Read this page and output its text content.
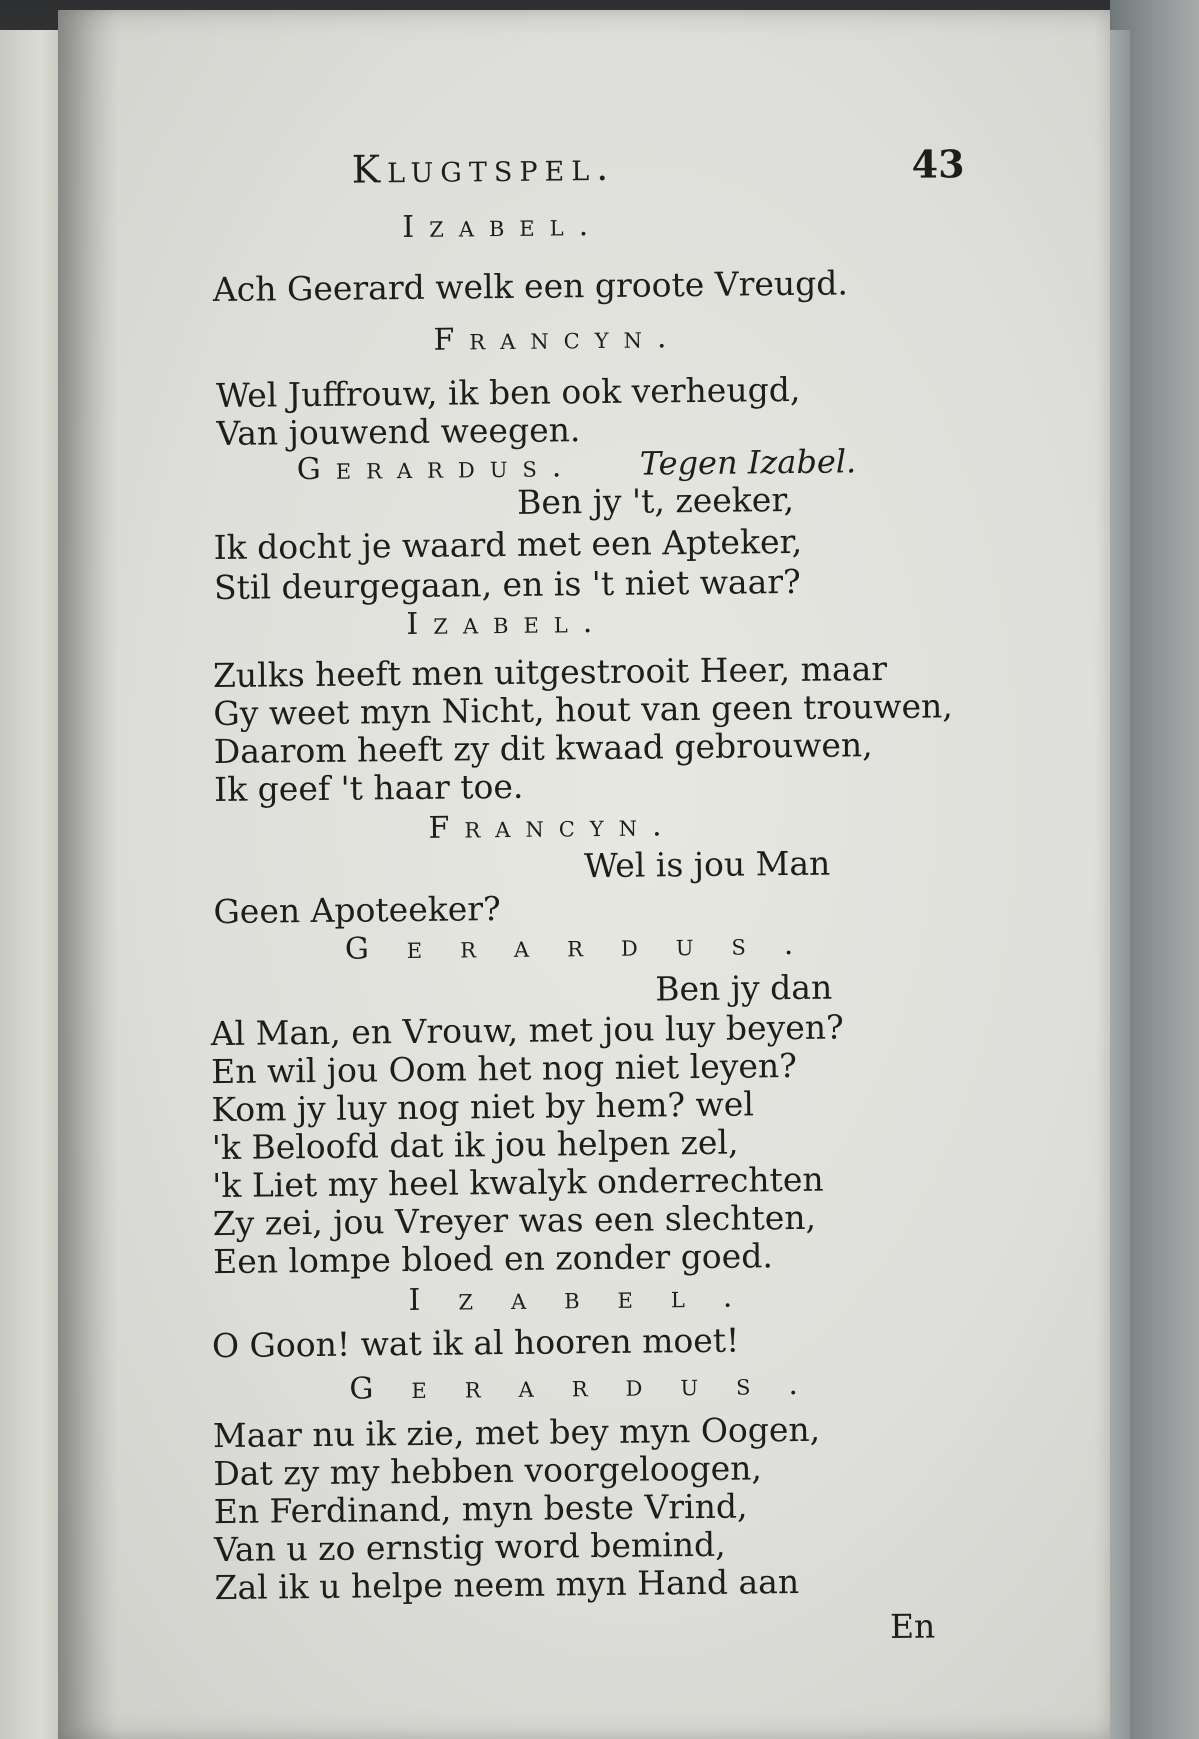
Klugtspel.	43
Izabel.
Ach Geerard welk een groote Vreugd.
Francyn.
Wel Juffrouw, ik ben ook verheugd,
Van jouwend weegen.
Gerardus. Tegen Izabel.
Ben jy 't, zeeker,
Ik docht je waard met een Apteker,
Stil deurgegaan, en is 't niet waar?
Izabel.
Zulks heeft men uitgestrooit Heer, maar
Gy weet myn Nicht, hout van geen trouwen,
Daarom heeft zy dit kwaad gebrouwen,
Ik geef 't haar toe.
Francyn.
Wel is jou Man
Geen Apoteeker?
Gerardus.
Ben jy dan
Al Man, en Vrouw, met jou luy beyen?
En wil jou Oom het nog niet leyen?
Kom jy luy nog niet by hem? wel
'k Beloofd dat ik jou helpen zel,
'k Liet my heel kwalyk onderrechten
Zy zei, jou Vreyer was een slechten,
Een lompe bloed en zonder goed.
Izabel.
O Goon! wat ik al hooren moet!
Gerardus.
Maar nu ik zie, met bey myn Oogen,
Dat zy my hebben voorgeloogen,
En Ferdinand, myn beste Vrind,
Van u zo ernstig word bemind,
Zal ik u helpe neem myn Hand aan
En
